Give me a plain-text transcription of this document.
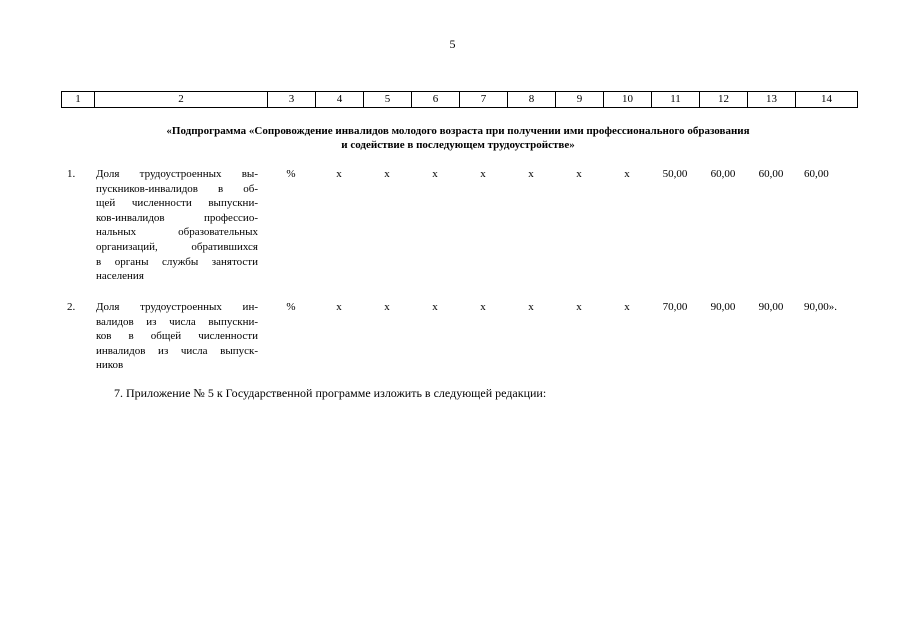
5
1	2	3	4	5	6	7	8	9	10	11	12	13	14
«Подпрограмма «Сопровождение инвалидов молодого возраста при получении ими профессионального образования
и содействие в последующем трудоустройстве»
1. Доля трудоустроенных вы-
пускников-инвалидов в об-
щей численности выпускни-
ков-инвалидов профессио-
нальных образовательных
организаций, обратившихся
в органы службы занятости
населения
%	х	х	х	х	х	х	х	50,00	60,00	60,00	60,00
2. Доля трудоустроенных ин-
валидов из числа выпускни-
ков в общей численности
инвалидов из числа выпуск-
ников
%	х	х	х	х	х	х	х	70,00	90,00	90,00	90,00».
7. Приложение № 5 к Государственной программе изложить в следующей редакции:
